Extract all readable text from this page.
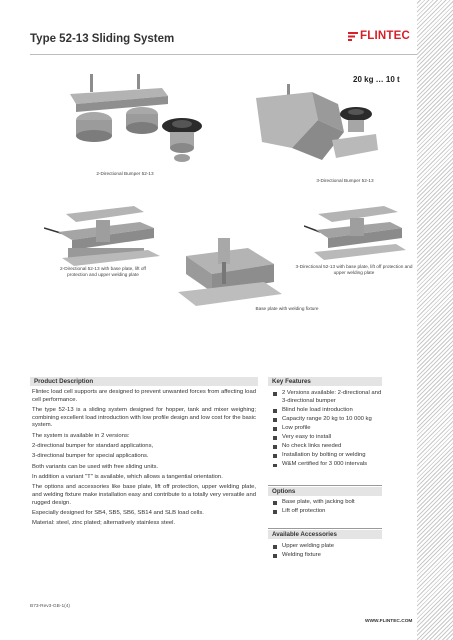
Type 52-13 Sliding System	FLINTEC
20 kg … 10 t
2-Directional Bumper 52-13
3-Directional Bumper 52-13
2-Directional 52-13 with base plate, lift off protection and upper welding plate
3-Directional 52-13 with base plate, lift off protection and upper welding plate
Base plate with welding fixture
Product Description

Flintec load cell supports are designed to prevent unwanted forces from affecting load cell performance.

The type 52-13 is a sliding system designed for hopper, tank and mixer weighing; combining excellent load introduction with low profile design and low cost for the basic system.

The system is available in 2 versions:

2-directional bumper for standard applications,

3-directional bumper for special applications.

Both variants can be used with free sliding units.

In addition a variant "T" is available, which allows a tangential orientation.

The options and accessories like base plate, lift off protection, upper welding plate, and welding fixture make installation easy and contribute to a totally very versatile and rugged design.

Especially designed for SB4, SB5, SB6, SB14 and SLB load cells.

Material: steel, zinc plated; alternatively stainless steel.

Key Features
2 Versions available: 2-directional and 3-directional bumper
Blind hole load introduction
Capacity range 20 kg to 10 000 kg
Low profile
Very easy to install
No check links needed
Installation by bolting or welding
W&M certified for 3 000 intervals
Options
Base plate, with jacking bolt
Lift off protection
Available Accessories
Upper welding plate
Welding fixture
B73-Rev3-GB-1(4)
WWW.FLINTEC.COM
